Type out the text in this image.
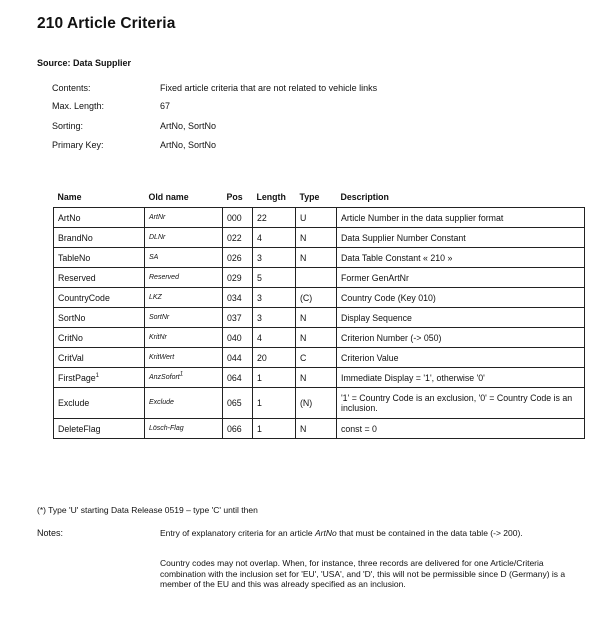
210 Article Criteria
Source: Data Supplier
Contents:	Fixed article criteria that are not related to vehicle links
Max. Length:	67
Sorting:	ArtNo, SortNo
Primary Key:	ArtNo, SortNo
Name	Old name	Pos	Length	Type	Description
ArtNo	ArtNr	000	22	U	Article Number in the data supplier format
BrandNo	DLNr	022	4	N	Data Supplier Number Constant
TableNo	SA	026	3	N	Data Table Constant « 210 »
Reserved	Reserved	029	5		Former GenArtNr
CountryCode	LKZ	034	3	(C)	Country Code (Key 010)
SortNo	SortNr	037	3	N	Display Sequence
CritNo	KritNr	040	4	N	Criterion Number (-> 050)
CritVal	KritWert	044	20	C	Criterion Value
FirstPage$^1$	AnzSofort$^1$	064	1	N	Immediate Display = '1', otherwise '0'
Exclude	Exclude	065	1	(N)	'1' = Country Code is an exclusion, '0' = Country Code is an inclusion.
DeleteFlag	Lösch-Flag	066	1	N	const = 0
(*) Type 'U' starting Data Release 0519 – type 'C' until then
Notes:	Entry of explanatory criteria for an article ArtNo that must be contained in the data table (-> 200).
Country codes may not overlap. When, for instance, three records are delivered for one Article/Criteria combination with the inclusion set for 'EU', 'USA', and 'D', this will not be permissible since D (Germany) is a member of the EU and this was already specified as an inclusion.
